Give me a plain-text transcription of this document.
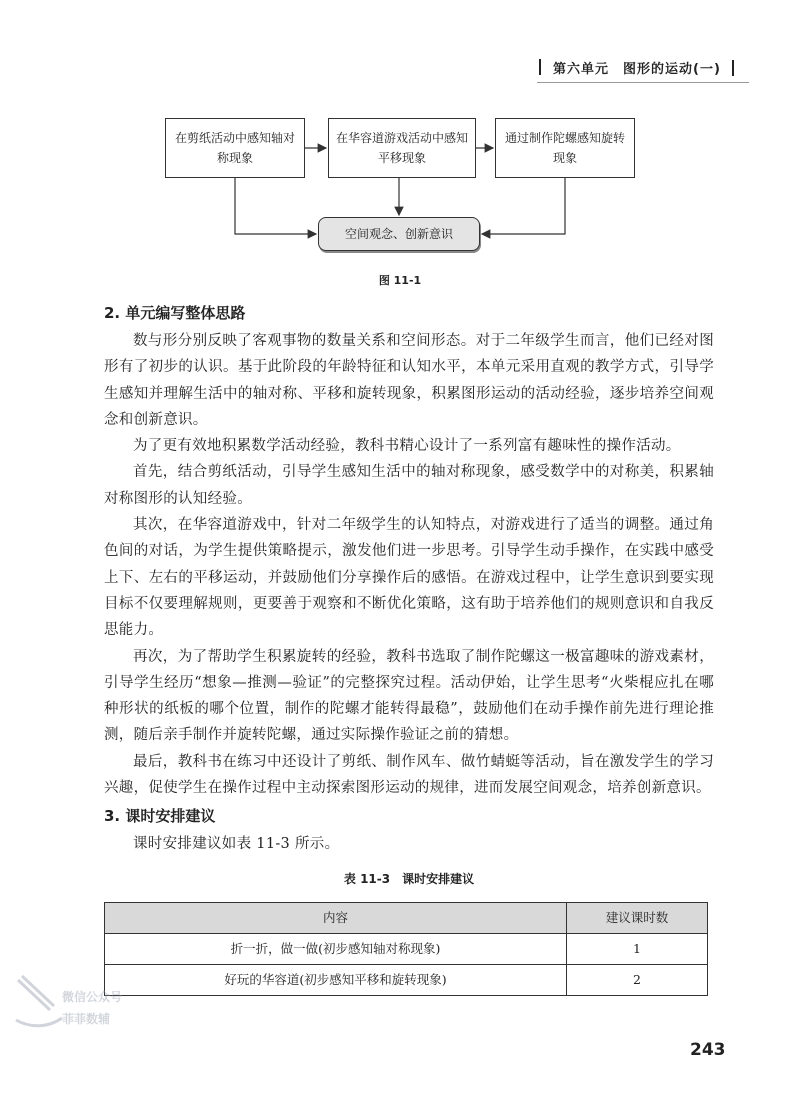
第六单元　图形的运动(一)
在剪纸活动中感知轴对称现象
在华容道游戏活动中感知平移现象
通过制作陀螺感知旋转现象
空间观念、创新意识
图 11-1
2. 单元编写整体思路

数与形分别反映了客观事物的数量关系和空间形态。对于二年级学生而言，他们已经对图形有了初步的认识。基于此阶段的年龄特征和认知水平，本单元采用直观的教学方式，引导学生感知并理解生活中的轴对称、平移和旋转现象，积累图形运动的活动经验，逐步培养空间观念和创新意识。

为了更有效地积累数学活动经验，教科书精心设计了一系列富有趣味性的操作活动。

首先，结合剪纸活动，引导学生感知生活中的轴对称现象，感受数学中的对称美，积累轴对称图形的认知经验。

其次，在华容道游戏中，针对二年级学生的认知特点，对游戏进行了适当的调整。通过角色间的对话，为学生提供策略提示，激发他们进一步思考。引导学生动手操作，在实践中感受上下、左右的平移运动，并鼓励他们分享操作后的感悟。在游戏过程中，让学生意识到要实现目标不仅要理解规则，更要善于观察和不断优化策略，这有助于培养他们的规则意识和自我反思能力。

再次，为了帮助学生积累旋转的经验，教科书选取了制作陀螺这一极富趣味的游戏素材，引导学生经历“想象—推测—验证”的完整探究过程。活动伊始，让学生思考“火柴棍应扎在哪种形状的纸板的哪个位置，制作的陀螺才能转得最稳”，鼓励他们在动手操作前先进行理论推测，随后亲手制作并旋转陀螺，通过实际操作验证之前的猜想。

最后，教科书在练习中还设计了剪纸、制作风车、做竹蜻蜓等活动，旨在激发学生的学习兴趣，促使学生在操作过程中主动探索图形运动的规律，进而发展空间观念，培养创新意识。

3. 课时安排建议

课时安排建议如表 11-3 所示。

表 11-3　课时安排建议
内容	建议课时数
折一折，做一做(初步感知轴对称现象)	1
好玩的华容道(初步感知平移和旋转现象)	2
微信公众号
菲菲数辅
243
